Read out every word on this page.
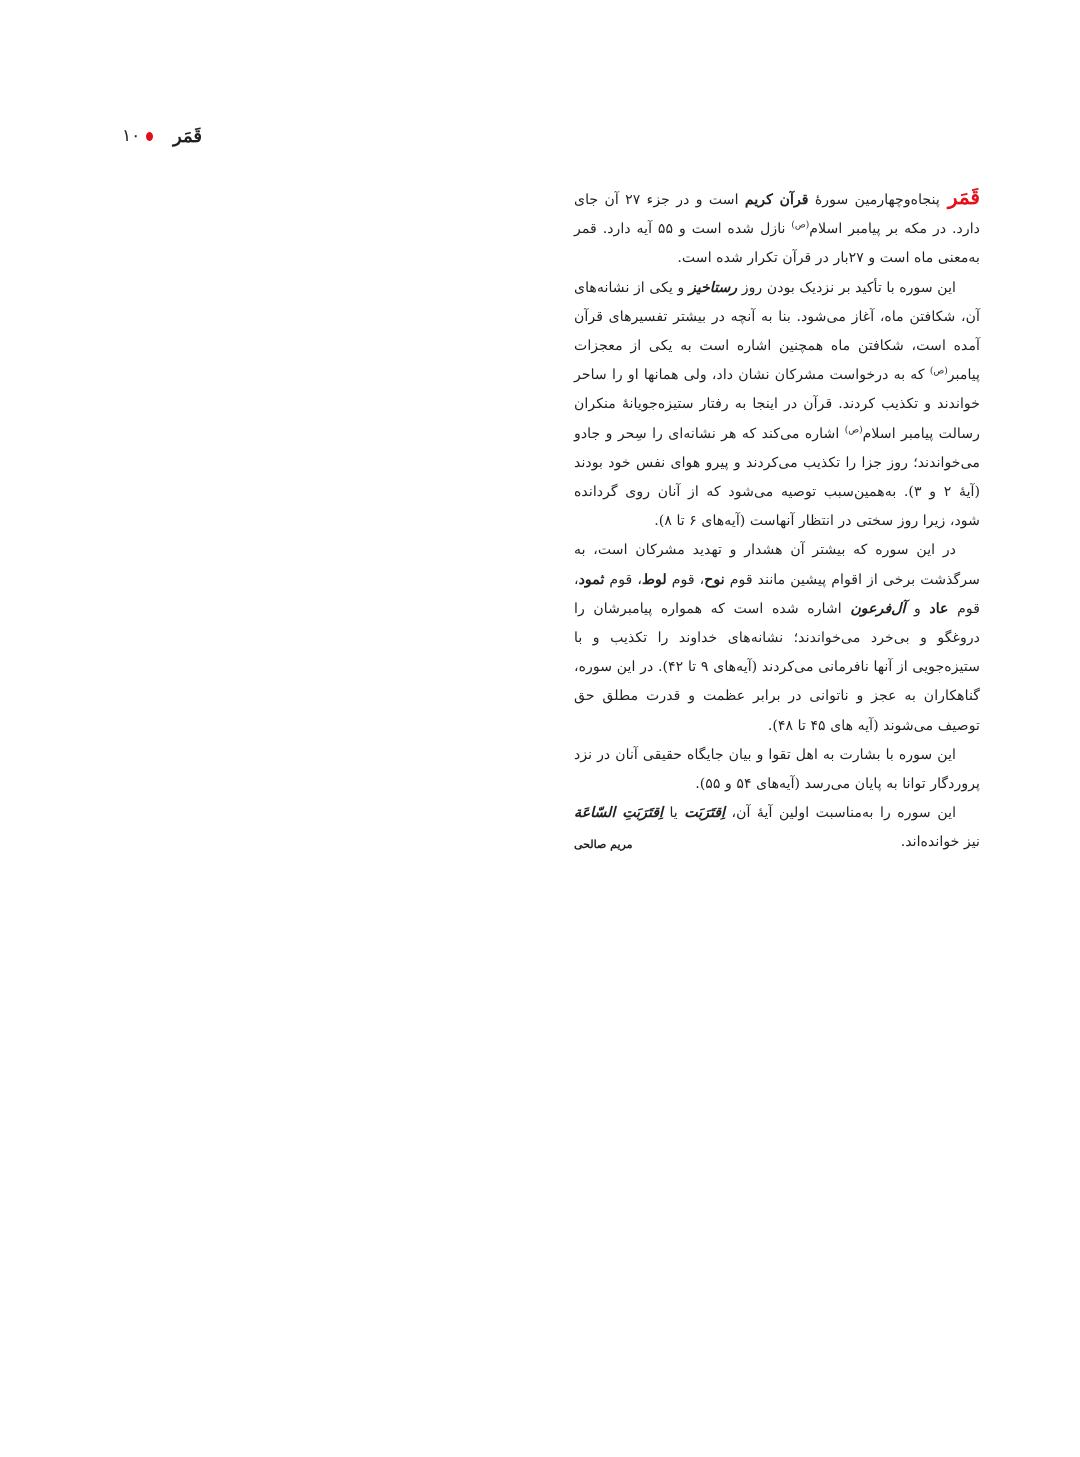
۱۰ قَمَر

قَمَرپنجاه‌وچهارمین سورۀ قرآن کریم است و در جزء ۲۷ آن جای دارد. در مکه بر پیامبر اسلام$^{(ص)}$ نازل شده است و ۵۵ آیه دارد. قمر به‌معنی ماه است و ۲۷بار در قرآن تکرار شده است.

این سوره با تأکید بر نزدیک بودن روز رستاخیز و یکی از نشانه‌های آن، شکافتن ماه، آغاز می‌شود. بنا به آنچه در بیشتر تفسیرهای قرآن آمده است، شکافتن ماه همچنین اشاره است به یکی از معجزات پیامبر$^{(ص)}$ که به درخواست مشرکان نشان داد، ولی همانها او را ساحر خواندند و تکذیب کردند. قرآن در اینجا به رفتار ستیزه‌جویانۀ منکران رسالت پیامبر اسلام$^{(ص)}$ اشاره می‌کند که هر نشانه‌ای را سِحر و جادو می‌خواندند؛ روز جزا را تکذیب می‌کردند و پیرو هوای نفس خود بودند (آیۀ ۲ و ۳). به‌همین‌سبب توصیه می‌شود که از آنان روی گردانده شود، زیرا روز سختی در انتظار آنهاست (آیه‌های ۶ تا ۸).

در این سوره که بیشتر آن هشدار و تهدید مشرکان است، به سرگذشت برخی از اقوام پیشین مانند قوم نوح، قوم لوط، قوم ثمود، قوم عاد و آل‌فرعون اشاره شده است که همواره پیامبرشان را دروغگو و بی‌خرد می‌خواندند؛ نشانه‌های خداوند را تکذیب و با ستیزه‌جویی از آنها نافرمانی می‌کردند (آیه‌های ۹ تا ۴۲). در این سوره، گناهکاران به عجز و ناتوانی در برابر عظمت و قدرت مطلق حق توصیف می‌شوند (آیه های ۴۵ تا ۴۸).

این سوره با بشارت به اهل تقوا و بیان جایگاه حقیقی آنان در نزد پروردگار توانا به پایان می‌رسد (آیه‌های ۵۴ و ۵۵).

این سوره را به‌مناسبت اولین آیۀ آن، اِقتَرَبَت یا اِقتَرَبَتِ السّاعَة نیز خوانده‌اند.
مریم صالحی
